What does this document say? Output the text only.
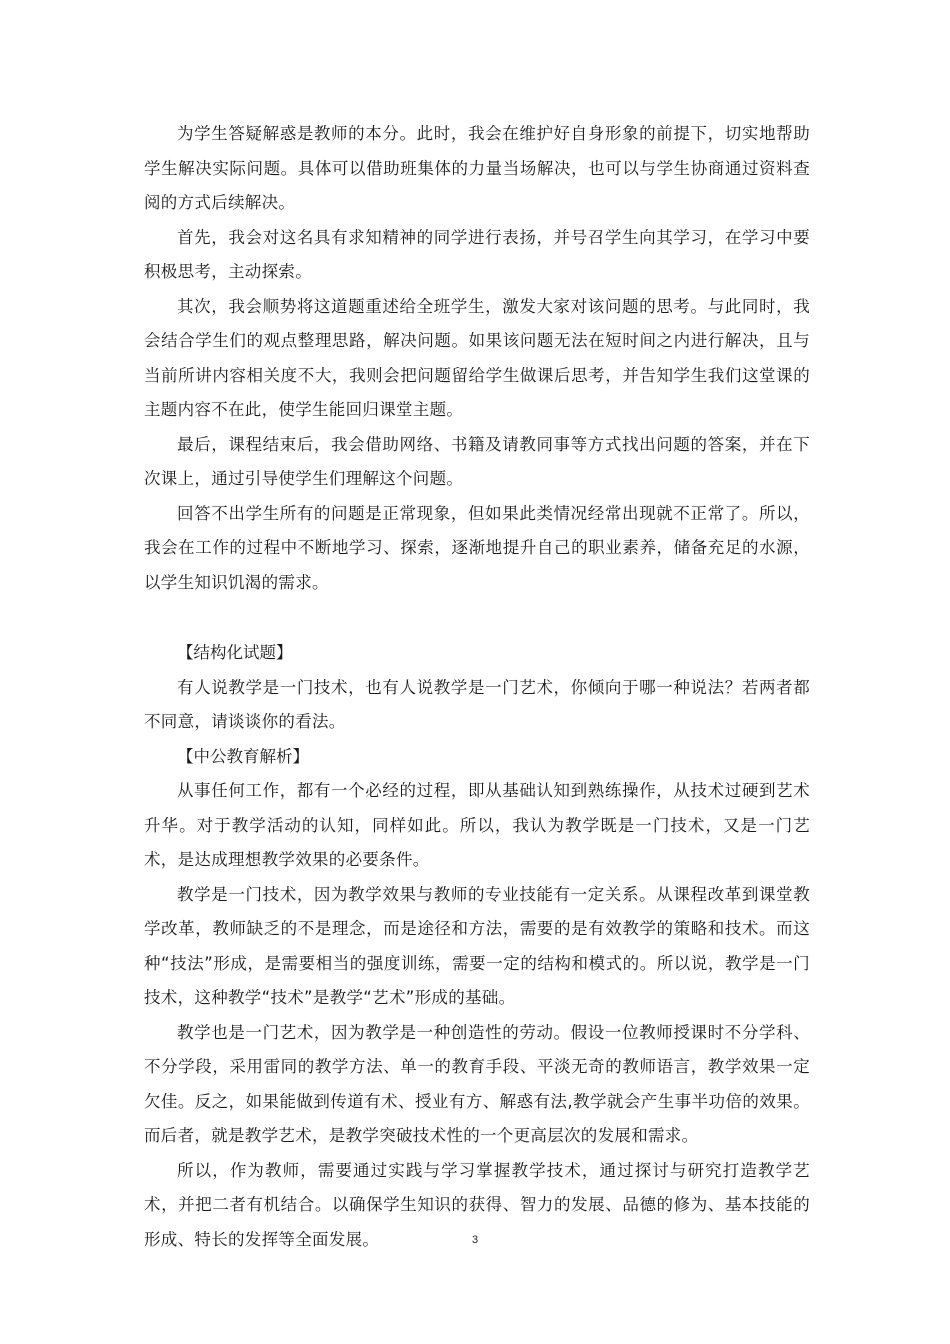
为学生答疑解惑是教师的本分。此时，我会在维护好自身形象的前提下，切实地帮助学生解决实际问题。具体可以借助班集体的力量当场解决，也可以与学生协商通过资料查阅的方式后续解决。

首先，我会对这名具有求知精神的同学进行表扬，并号召学生向其学习，在学习中要积极思考，主动探索。

其次，我会顺势将这道题重述给全班学生，激发大家对该问题的思考。与此同时，我会结合学生们的观点整理思路，解决问题。如果该问题无法在短时间之内进行解决，且与当前所讲内容相关度不大，我则会把问题留给学生做课后思考，并告知学生我们这堂课的主题内容不在此，使学生能回归课堂主题。

最后，课程结束后，我会借助网络、书籍及请教同事等方式找出问题的答案，并在下次课上，通过引导使学生们理解这个问题。

回答不出学生所有的问题是正常现象，但如果此类情况经常出现就不正常了。所以，我会在工作的过程中不断地学习、探索，逐渐地提升自己的职业素养，储备充足的水源，以学生知识饥渴的需求。

【结构化试题】

有人说教学是一门技术，也有人说教学是一门艺术，你倾向于哪一种说法？若两者都不同意，请谈谈你的看法。

【中公教育解析】

从事任何工作，都有一个必经的过程，即从基础认知到熟练操作，从技术过硬到艺术升华。对于教学活动的认知，同样如此。所以，我认为教学既是一门技术，又是一门艺术，是达成理想教学效果的必要条件。

教学是一门技术，因为教学效果与教师的专业技能有一定关系。从课程改革到课堂教学改革，教师缺乏的不是理念，而是途径和方法，需要的是有效教学的策略和技术。而这种“技法”形成，是需要相当的强度训练，需要一定的结构和模式的。所以说，教学是一门技术，这种教学“技术”是教学“艺术”形成的基础。

教学也是一门艺术，因为教学是一种创造性的劳动。假设一位教师授课时不分学科、不分学段，采用雷同的教学方法、单一的教育手段、平淡无奇的教师语言，教学效果一定欠佳。反之，如果能做到传道有术、授业有方、解惑有法,教学就会产生事半功倍的效果。而后者，就是教学艺术，是教学突破技术性的一个更高层次的发展和需求。

所以，作为教师，需要通过实践与学习掌握教学技术，通过探讨与研究打造教学艺术，并把二者有机结合。以确保学生知识的获得、智力的发展、品德的修为、基本技能的形成、特长的发挥等全面发展。	3
